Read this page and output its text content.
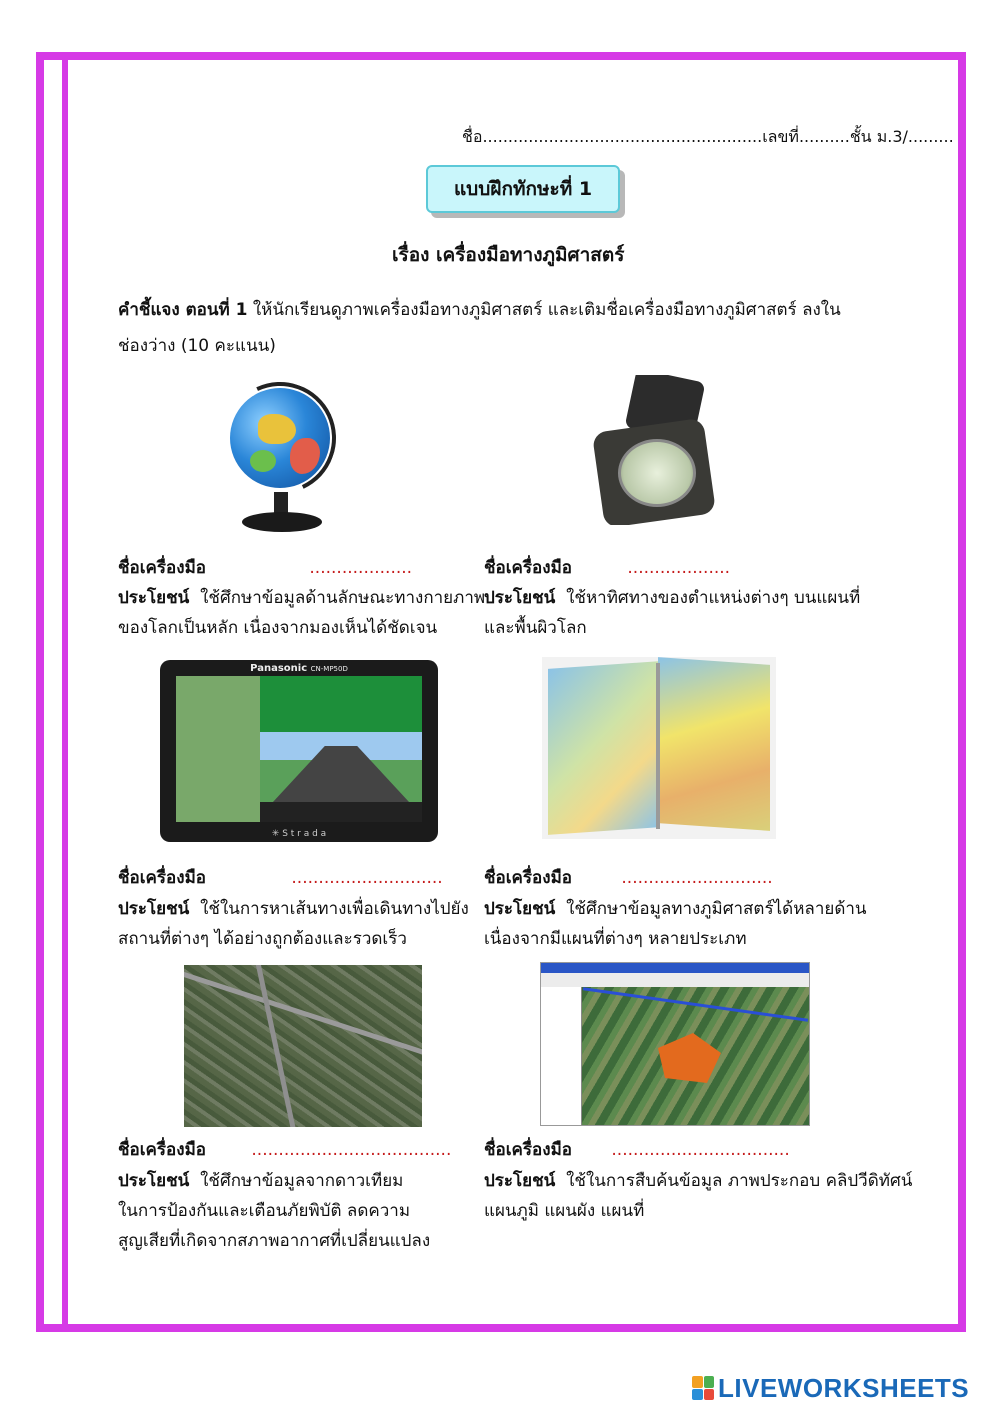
ชื่อ.......................................................เลขที่..........ชั้น ม.3/.........
แบบฝึกทักษะที่ 1
เรื่อง เครื่องมือทางภูมิศาสตร์
คำชี้แจง ตอนที่ 1 ให้นักเรียนดูภาพเครื่องมือทางภูมิศาสตร์ และเติมชื่อเครื่องมือทางภูมิศาสตร์ ลงใน
ช่องว่าง (10 คะแนน)
Panasonic CN-MP50D
✳ S t r a d a
ชื่อเครื่องมือ	...................
ประโยชน์ ใช้ศึกษาข้อมูลด้านลักษณะทางกายภาพ
ของโลกเป็นหลัก เนื่องจากมองเห็นได้ชัดเจน
ชื่อเครื่องมือ	...................
ประโยชน์ ใช้หาทิศทางของตำแหน่งต่างๆ บนแผนที่
และพื้นผิวโลก
ชื่อเครื่องมือ	............................
ประโยชน์ ใช้ในการหาเส้นทางเพื่อเดินทางไปยัง
สถานที่ต่างๆ ได้อย่างถูกต้องและรวดเร็ว
ชื่อเครื่องมือ	............................
ประโยชน์ ใช้ศึกษาข้อมูลทางภูมิศาสตร์ได้หลายด้าน
เนื่องจากมีแผนที่ต่างๆ หลายประเภท
ชื่อเครื่องมือ	.....................................
ประโยชน์ ใช้ศึกษาข้อมูลจากดาวเทียม
ในการป้องกันและเตือนภัยพิบัติ ลดความ
สูญเสียที่เกิดจากสภาพอากาศที่เปลี่ยนแปลง
ชื่อเครื่องมือ .................................
ประโยชน์ ใช้ในการสืบค้นข้อมูล ภาพประกอบ คลิปวีดิทัศน์
แผนภูมิ แผนผัง แผนที่
LIVEWORKSHEETS
